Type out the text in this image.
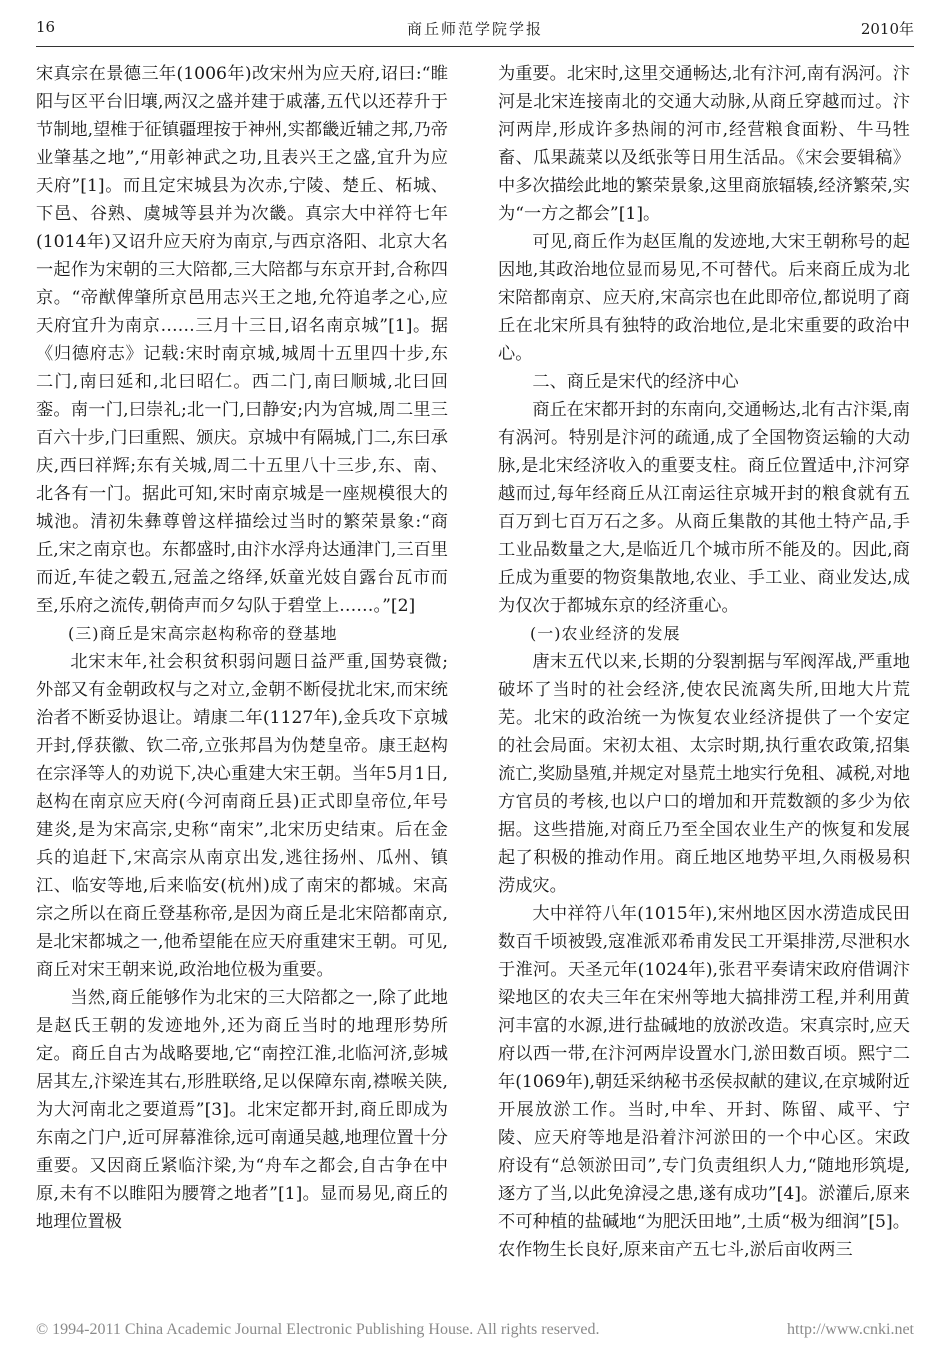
16	商丘师范学院学报	2010年

宋真宗在景德三年(1006年)改宋州为应天府,诏曰:“睢阳与区平台旧壤,两汉之盛并建于戚藩,五代以还荐升于节制地,望椎于征镇疆理按于神州,实都畿近辅之邦,乃帝业肇基之地”,“用彰神武之功,且表兴王之盛,宜升为应天府”[1]。而且定宋城县为次赤,宁陵、楚丘、柘城、下邑、谷熟、虞城等县并为次畿。真宗大中祥符七年(1014年)又诏升应天府为南京,与西京洛阳、北京大名一起作为宋朝的三大陪都,三大陪都与东京开封,合称四京。“帝猷俾肇所京邑用志兴王之地,允符追孝之心,应天府宜升为南京……三月十三日,诏名南京城”[1]。据《归德府志》记载:宋时南京城,城周十五里四十步,东二门,南曰延和,北曰昭仁。西二门,南曰顺城,北曰回銮。南一门,曰崇礼;北一门,曰静安;内为宫城,周二里三百六十步,门曰重熙、颁庆。京城中有隔城,门二,东曰承庆,西曰祥辉;东有关城,周二十五里八十三步,东、南、北各有一门。据此可知,宋时南京城是一座规模很大的城池。清初朱彝尊曾这样描绘过当时的繁荣景象:“商丘,宋之南京也。东都盛时,由汴水浮舟达通津门,三百里而近,车徒之毂五,冠盖之络绎,妖童光妓自露台瓦市而至,乐府之流传,朝倚声而夕勾队于碧堂上……。”[2]

(三)商丘是宋高宗赵构称帝的登基地

北宋末年,社会积贫积弱问题日益严重,国势衰微;外部又有金朝政权与之对立,金朝不断侵扰北宋,而宋统治者不断妥协退让。靖康二年(1127年),金兵攻下京城开封,俘获徽、钦二帝,立张邦昌为伪楚皇帝。康王赵构在宗泽等人的劝说下,决心重建大宋王朝。当年5月1日,赵构在南京应天府(今河南商丘县)正式即皇帝位,年号建炎,是为宋高宗,史称“南宋”,北宋历史结束。后在金兵的追赶下,宋高宗从南京出发,逃往扬州、瓜州、镇江、临安等地,后来临安(杭州)成了南宋的都城。宋高宗之所以在商丘登基称帝,是因为商丘是北宋陪都南京,是北宋都城之一,他希望能在应天府重建宋王朝。可见,商丘对宋王朝来说,政治地位极为重要。

当然,商丘能够作为北宋的三大陪都之一,除了此地是赵氏王朝的发迹地外,还为商丘当时的地理形势所定。商丘自古为战略要地,它“南控江淮,北临河济,彭城居其左,汴梁连其右,形胜联络,足以保障东南,襟喉关陕,为大河南北之要道焉”[3]。北宋定都开封,商丘即成为东南之门户,近可屏幕淮徐,远可南通吴越,地理位置十分重要。又因商丘紧临汴梁,为“舟车之都会,自古争在中原,未有不以睢阳为腰膂之地者”[1]。显而易见,商丘的地理位置极

为重要。北宋时,这里交通畅达,北有汴河,南有涡河。汴河是北宋连接南北的交通大动脉,从商丘穿越而过。汴河两岸,形成许多热闹的河市,经营粮食面粉、牛马牲畜、瓜果蔬菜以及纸张等日用生活品。《宋会要辑稿》中多次描绘此地的繁荣景象,这里商旅辐辏,经济繁荣,实为“一方之都会”[1]。

可见,商丘作为赵匡胤的发迹地,大宋王朝称号的起因地,其政治地位显而易见,不可替代。后来商丘成为北宋陪都南京、应天府,宋高宗也在此即帝位,都说明了商丘在北宋所具有独特的政治地位,是北宋重要的政治中心。

二、商丘是宋代的经济中心

商丘在宋都开封的东南向,交通畅达,北有古汴渠,南有涡河。特别是汴河的疏通,成了全国物资运输的大动脉,是北宋经济收入的重要支柱。商丘位置适中,汴河穿越而过,每年经商丘从江南运往京城开封的粮食就有五百万到七百万石之多。从商丘集散的其他土特产品,手工业品数量之大,是临近几个城市所不能及的。因此,商丘成为重要的物资集散地,农业、手工业、商业发达,成为仅次于都城东京的经济重心。

(一)农业经济的发展

唐末五代以来,长期的分裂割据与军阀浑战,严重地破坏了当时的社会经济,使农民流离失所,田地大片荒芜。北宋的政治统一为恢复农业经济提供了一个安定的社会局面。宋初太祖、太宗时期,执行重农政策,招集流亡,奖励垦殖,并规定对垦荒土地实行免租、减税,对地方官员的考核,也以户口的增加和开荒数额的多少为依据。这些措施,对商丘乃至全国农业生产的恢复和发展起了积极的推动作用。商丘地区地势平坦,久雨极易积涝成灾。

大中祥符八年(1015年),宋州地区因水涝造成民田数百千顷被毁,寇准派邓希甫发民工开渠排涝,尽泄积水于淮河。天圣元年(1024年),张君平奏请宋政府借调汴梁地区的农夫三年在宋州等地大搞排涝工程,并利用黄河丰富的水源,进行盐碱地的放淤改造。宋真宗时,应天府以西一带,在汴河两岸设置水门,淤田数百顷。熙宁二年(1069年),朝廷采纳秘书丞侯叔献的建议,在京城附近开展放淤工作。当时,中牟、开封、陈留、咸平、宁陵、应天府等地是沿着汴河淤田的一个中心区。宋政府设有“总领淤田司”,专门负责组织人力,“随地形筑堤,逐方了当,以此免渰浸之患,遂有成功”[4]。淤灌后,原来不可种植的盐碱地“为肥沃田地”,土质“极为细润”[5]。农作物生长良好,原来亩产五七斗,淤后亩收两三

© 1994-2011 China Academic Journal Electronic Publishing House. All rights reserved.	http://www.cnki.net
